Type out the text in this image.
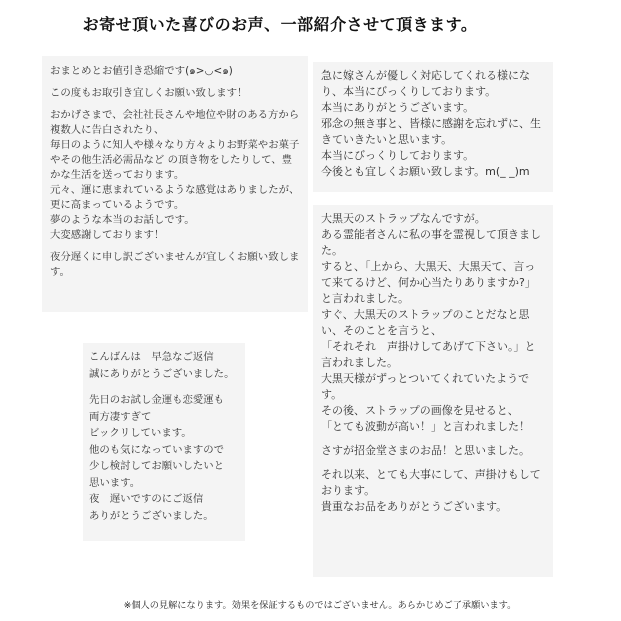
お寄せ頂いた喜びのお声、一部紹介させて頂きます。

おまとめとお値引き恐縮です(๑>◡<๑)

この度もお取引き宜しくお願い致します！

おかげさまで、会社社長さんや地位や財のある方から複数人に告白されたり、
毎日のように知人や様々なり方々よりお野菜やお菓子やその他生活必需品など の頂き物をしたりして、豊かな生活を送っております。
元々、運に恵まれているような感覚はありましたが、更に高まっているようです。
夢のような本当のお話しです。
大変感謝しております！

夜分遅くに申し訳ございませんが宜しくお願い致します。

急に嫁さんが優しく対応してくれる様になり、本当にびっくりしております。
本当にありがとうございます。
邪念の無き事と、皆様に感謝を忘れずに、生きていきたいと思います。
本当にびっくりしております。
今後とも宜しくお願い致します。m(_ _)m

大黒天のストラップなんですが。
ある霊能者さんに私の事を霊視して頂きました。
すると、「上から、大黒天、大黒天て、言って来てるけど、何か心当たりありますか?」
と言われました。
すぐ、大黒天のストラップのことだなと思い、そのことを言うと、
「それそれ　声掛けしてあげて下さい。」と言われました。
大黒天様がずっとついてくれていたようです。
その後、ストラップの画像を見せると、
「とても波動が高い！」と言われました！

さすが招金堂さまのお品！と思いました。

それ以来、とても大事にして、声掛けもしております。
貴重なお品をありがとうございます。

こんばんは　早急なご返信
誠にありがとうございました。

先日のお試し金運も恋愛運も
両方凄すぎて
ビックリしています。
他のも気になっていますので
少し検討してお願いしたいと
思います。
夜　遅いですのにご返信
ありがとうございました。

※個人の見解になります。効果を保証するものではございません。あらかじめご了承願います。
